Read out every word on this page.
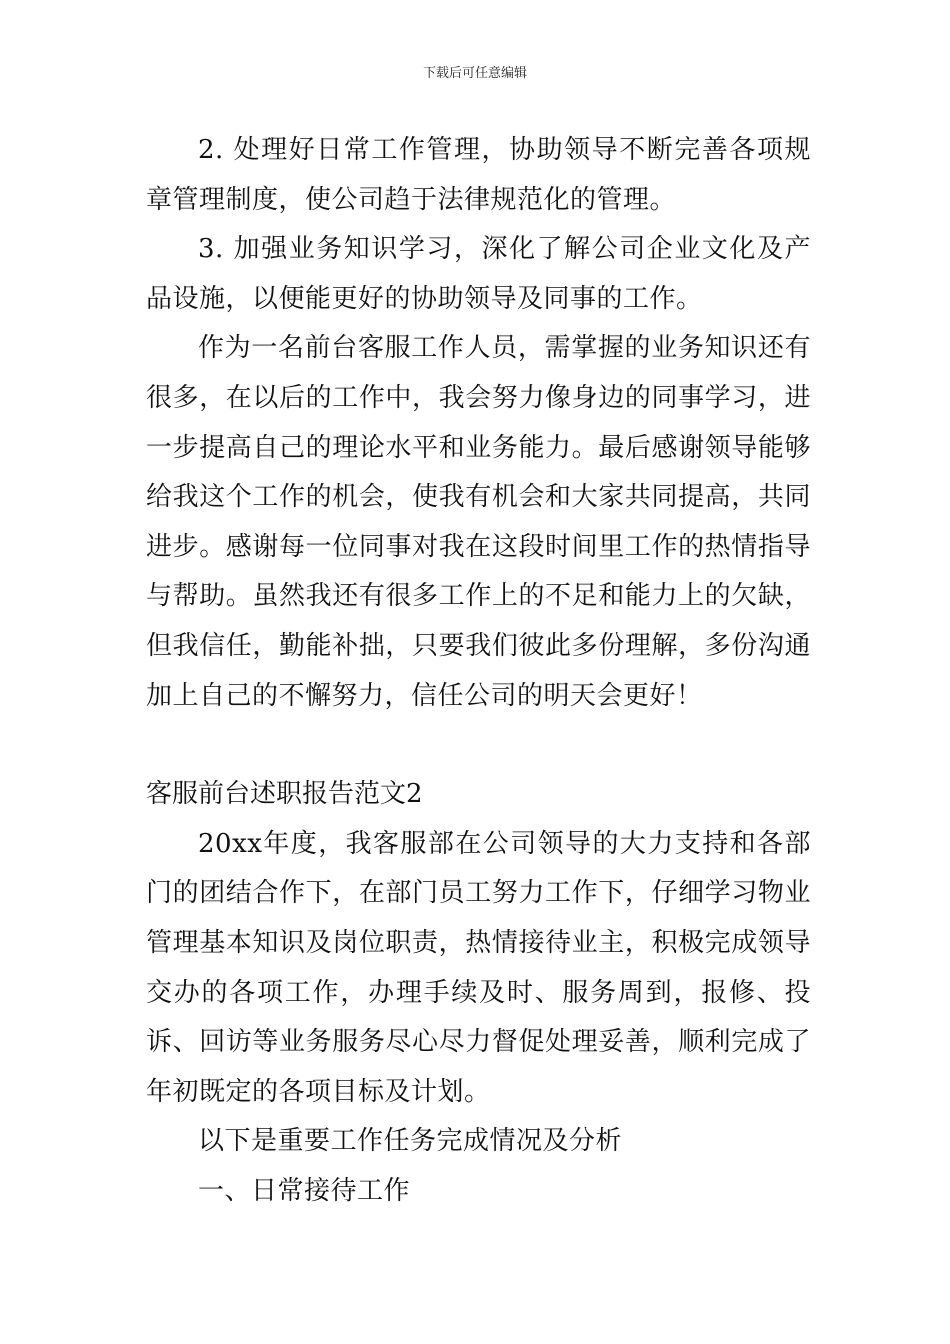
下载后可任意编辑

2. 处理好日常工作管理，协助领导不断完善各项规章管理制度，使公司趋于法律规范化的管理。

3. 加强业务知识学习，深化了解公司企业文化及产品设施，以便能更好的协助领导及同事的工作。

作为一名前台客服工作人员，需掌握的业务知识还有很多，在以后的工作中，我会努力像身边的同事学习，进一步提高自己的理论水平和业务能力。最后感谢领导能够给我这个工作的机会，使我有机会和大家共同提高，共同进步。感谢每一位同事对我在这段时间里工作的热情指导与帮助。虽然我还有很多工作上的不足和能力上的欠缺，但我信任，勤能补拙，只要我们彼此多份理解，多份沟通加上自己的不懈努力，信任公司的明天会更好！

客服前台述职报告范文2

20xx年度，我客服部在公司领导的大力支持和各部门的团结合作下，在部门员工努力工作下，仔细学习物业管理基本知识及岗位职责，热情接待业主，积极完成领导交办的各项工作，办理手续及时、服务周到，报修、投诉、回访等业务服务尽心尽力督促处理妥善，顺利完成了年初既定的各项目标及计划。

以下是重要工作任务完成情况及分析

一、日常接待工作
